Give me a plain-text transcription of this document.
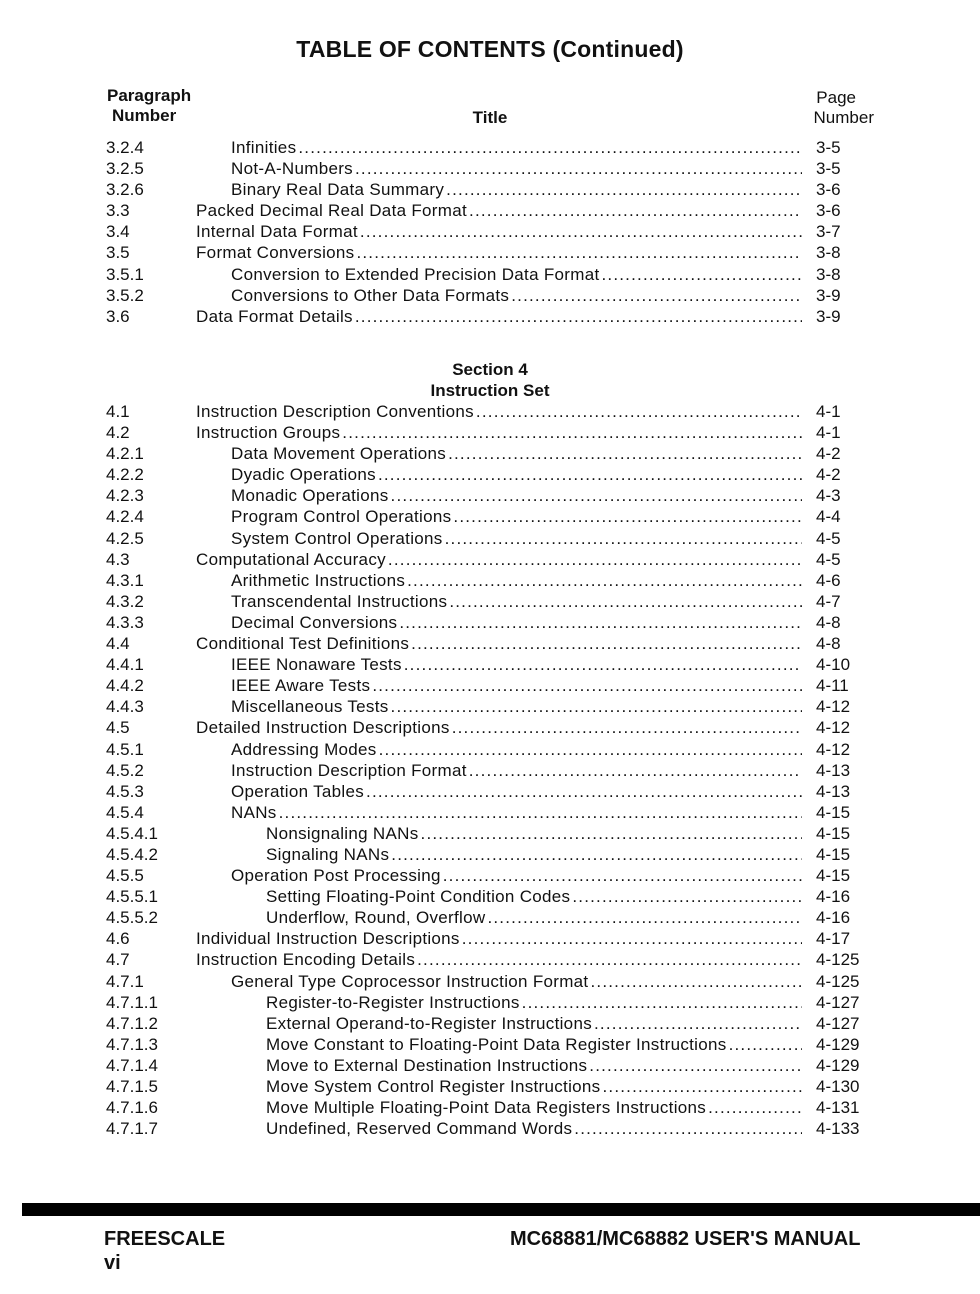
TABLE OF CONTENTS (Continued)
Paragraph
Number	Title
Page
Number
3.2.4	Infinities .....	3-5
3.2.5	Not-A-Numbers .....	3-5
3.2.6	Binary Real Data Summary .....	3-6
3.3	Packed Decimal Real Data Format .....	3-6
3.4	Internal Data Format .....	3-7
3.5	Format Conversions .....	3-8
3.5.1	Conversion to Extended Precision Data Format .....	3-8
3.5.2	Conversions to Other Data Formats .....	3-9
3.6	Data Format Details .....	3-9
Section 4
Instruction Set
4.1	Instruction Description Conventions .....	4-1
4.2	Instruction Groups .....	4-1
4.2.1	Data Movement Operations .....	4-2
4.2.2	Dyadic Operations .....	4-2
4.2.3	Monadic Operations .....	4-3
4.2.4	Program Control Operations .....	4-4
4.2.5	System Control Operations .....	4-5
4.3	Computational Accuracy .....	4-5
4.3.1	Arithmetic Instructions .....	4-6
4.3.2	Transcendental Instructions .....	4-7
4.3.3	Decimal Conversions .....	4-8
4.4	Conditional Test Definitions .....	4-8
4.4.1	IEEE Nonaware Tests .....	4-10
4.4.2	IEEE Aware Tests .....	4-11
4.4.3	Miscellaneous Tests .....	4-12
4.5	Detailed Instruction Descriptions .....	4-12
4.5.1	Addressing Modes .....	4-12
4.5.2	Instruction Description Format .....	4-13
4.5.3	Operation Tables .....	4-13
4.5.4	NANs .....	4-15
4.5.4.1	Nonsignaling NANs .....	4-15
4.5.4.2	Signaling NANs .....	4-15
4.5.5	Operation Post Processing .....	4-15
4.5.5.1	Setting Floating-Point Condition Codes .....	4-16
4.5.5.2	Underflow, Round, Overflow .....	4-16
4.6	Individual Instruction Descriptions .....	4-17
4.7	Instruction Encoding Details .....	4-125
4.7.1	General Type Coprocessor Instruction Format .....	4-125
4.7.1.1	Register-to-Register Instructions .....	4-127
4.7.1.2	External Operand-to-Register Instructions .....	4-127
4.7.1.3	Move Constant to Floating-Point Data Register Instructions .....	4-129
4.7.1.4	Move to External Destination Instructions .....	4-129
4.7.1.5	Move System Control Register Instructions .....	4-130
4.7.1.6	Move Multiple Floating-Point Data Registers Instructions .....	4-131
4.7.1.7	Undefined, Reserved Command Words .....	4-133
FREESCALE
vi
MC68881/MC68882 USER'S MANUAL
